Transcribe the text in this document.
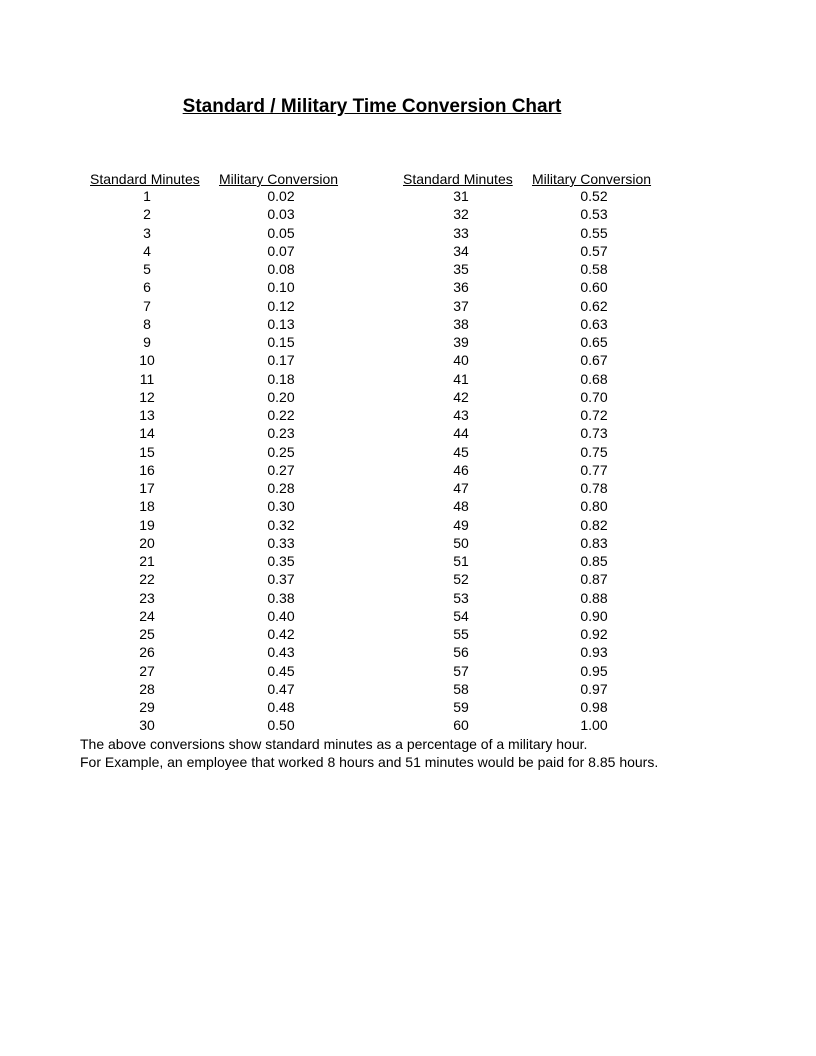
Standard / Military Time Conversion Chart
Standard Minutes Military Conversion	Standard Minutes Military Conversion
1
2
3
4
5
6
7
8
9
10
11
12
13
14
15
16
17
18
19
20
21
22
23
24
25
26
27
28
29
30
0.02
0.03
0.05
0.07
0.08
0.10
0.12
0.13
0.15
0.17
0.18
0.20
0.22
0.23
0.25
0.27
0.28
0.30
0.32
0.33
0.35
0.37
0.38
0.40
0.42
0.43
0.45
0.47
0.48
0.50
31
32
33
34
35
36
37
38
39
40
41
42
43
44
45
46
47
48
49
50
51
52
53
54
55
56
57
58
59
60
0.52
0.53
0.55
0.57
0.58
0.60
0.62
0.63
0.65
0.67
0.68
0.70
0.72
0.73
0.75
0.77
0.78
0.80
0.82
0.83
0.85
0.87
0.88
0.90
0.92
0.93
0.95
0.97
0.98
1.00
The above conversions show standard minutes as a percentage of a military hour.
For Example, an employee that worked 8 hours and 51 minutes would be paid for 8.85 hours.
